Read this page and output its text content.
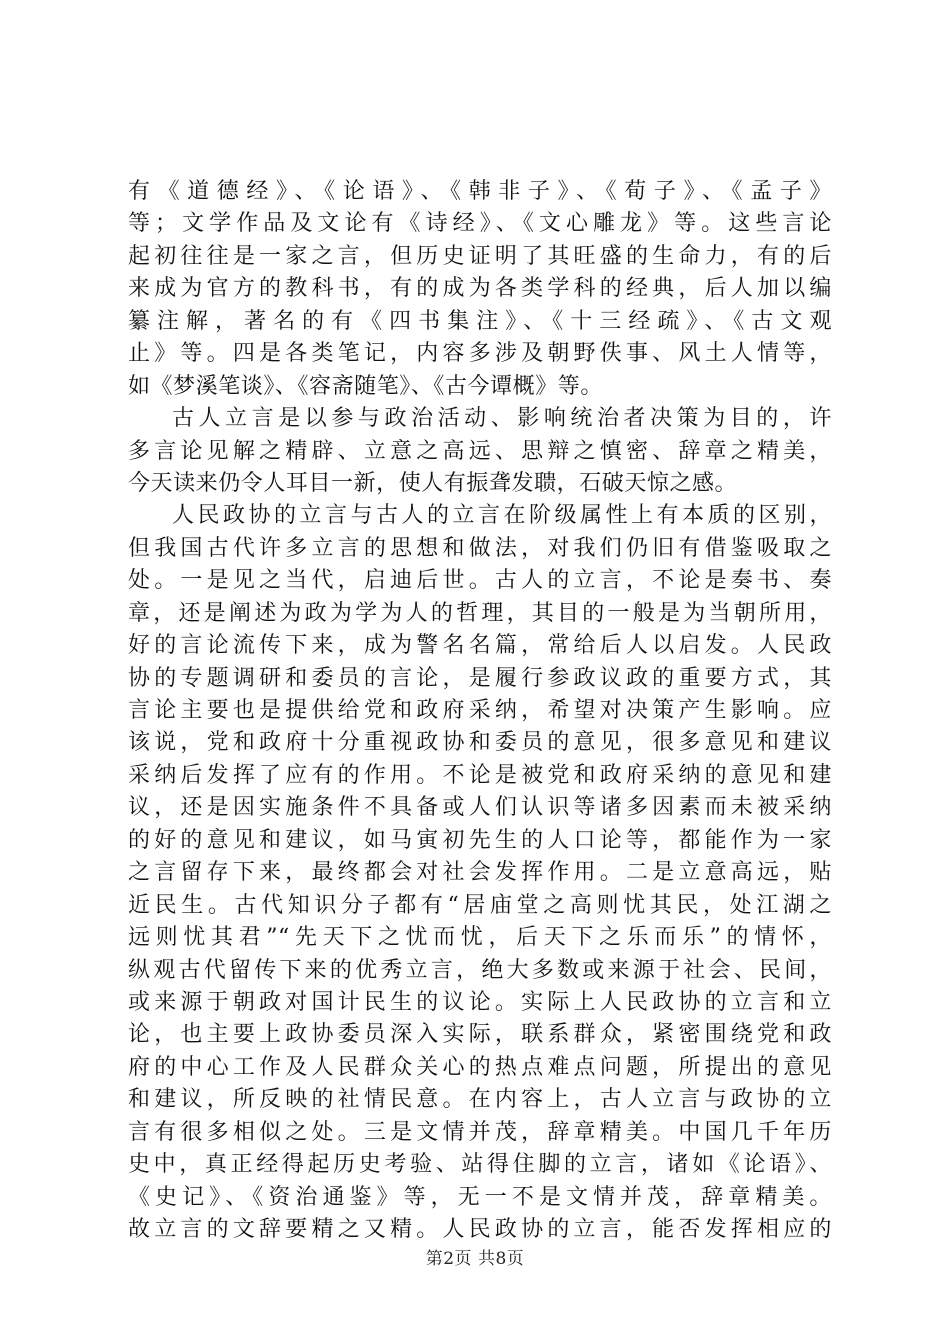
有《道德经》、《论语》、《韩非子》、《荀子》、《孟子》
等；文学作品及文论有《诗经》、《文心雕龙》等。这些言论
起初往往是一家之言，但历史证明了其旺盛的生命力，有的后
来成为官方的教科书，有的成为各类学科的经典，后人加以编
纂注解，著名的有《四书集注》、《十三经疏》、《古文观
止》等。四是各类笔记，内容多涉及朝野佚事、风土人情等，
如《梦溪笔谈》、《容斋随笔》、《古今谭概》等。
古人立言是以参与政治活动、影响统治者决策为目的，许
多言论见解之精辟、立意之高远、思辩之慎密、辞章之精美，
今天读来仍令人耳目一新，使人有振聋发聩，石破天惊之感。
人民政协的立言与古人的立言在阶级属性上有本质的区别，
但我国古代许多立言的思想和做法，对我们仍旧有借鉴吸取之
处。一是见之当代，启迪后世。古人的立言，不论是奏书、奏
章，还是阐述为政为学为人的哲理，其目的一般是为当朝所用，
好的言论流传下来，成为警名名篇，常给后人以启发。人民政
协的专题调研和委员的言论，是履行参政议政的重要方式，其
言论主要也是提供给党和政府采纳，希望对决策产生影响。应
该说，党和政府十分重视政协和委员的意见，很多意见和建议
采纳后发挥了应有的作用。不论是被党和政府采纳的意见和建
议，还是因实施条件不具备或人们认识等诸多因素而未被采纳
的好的意见和建议，如马寅初先生的人口论等，都能作为一家
之言留存下来，最终都会对社会发挥作用。二是立意高远，贴
近民生。古代知识分子都有“居庙堂之高则忧其民，处江湖之
远则忧其君”“先天下之忧而忧，后天下之乐而乐”的情怀，
纵观古代留传下来的优秀立言，绝大多数或来源于社会、民间，
或来源于朝政对国计民生的议论。实际上人民政协的立言和立
论，也主要上政协委员深入实际，联系群众，紧密围绕党和政
府的中心工作及人民群众关心的热点难点问题，所提出的意见
和建议，所反映的社情民意。在内容上，古人立言与政协的立
言有很多相似之处。三是文情并茂，辞章精美。中国几千年历
史中，真正经得起历史考验、站得住脚的立言，诸如《论语》、
《史记》、《资治通鉴》等，无一不是文情并茂，辞章精美。
故立言的文辞要精之又精。人民政协的立言，能否发挥相应的
第2页 共8页
